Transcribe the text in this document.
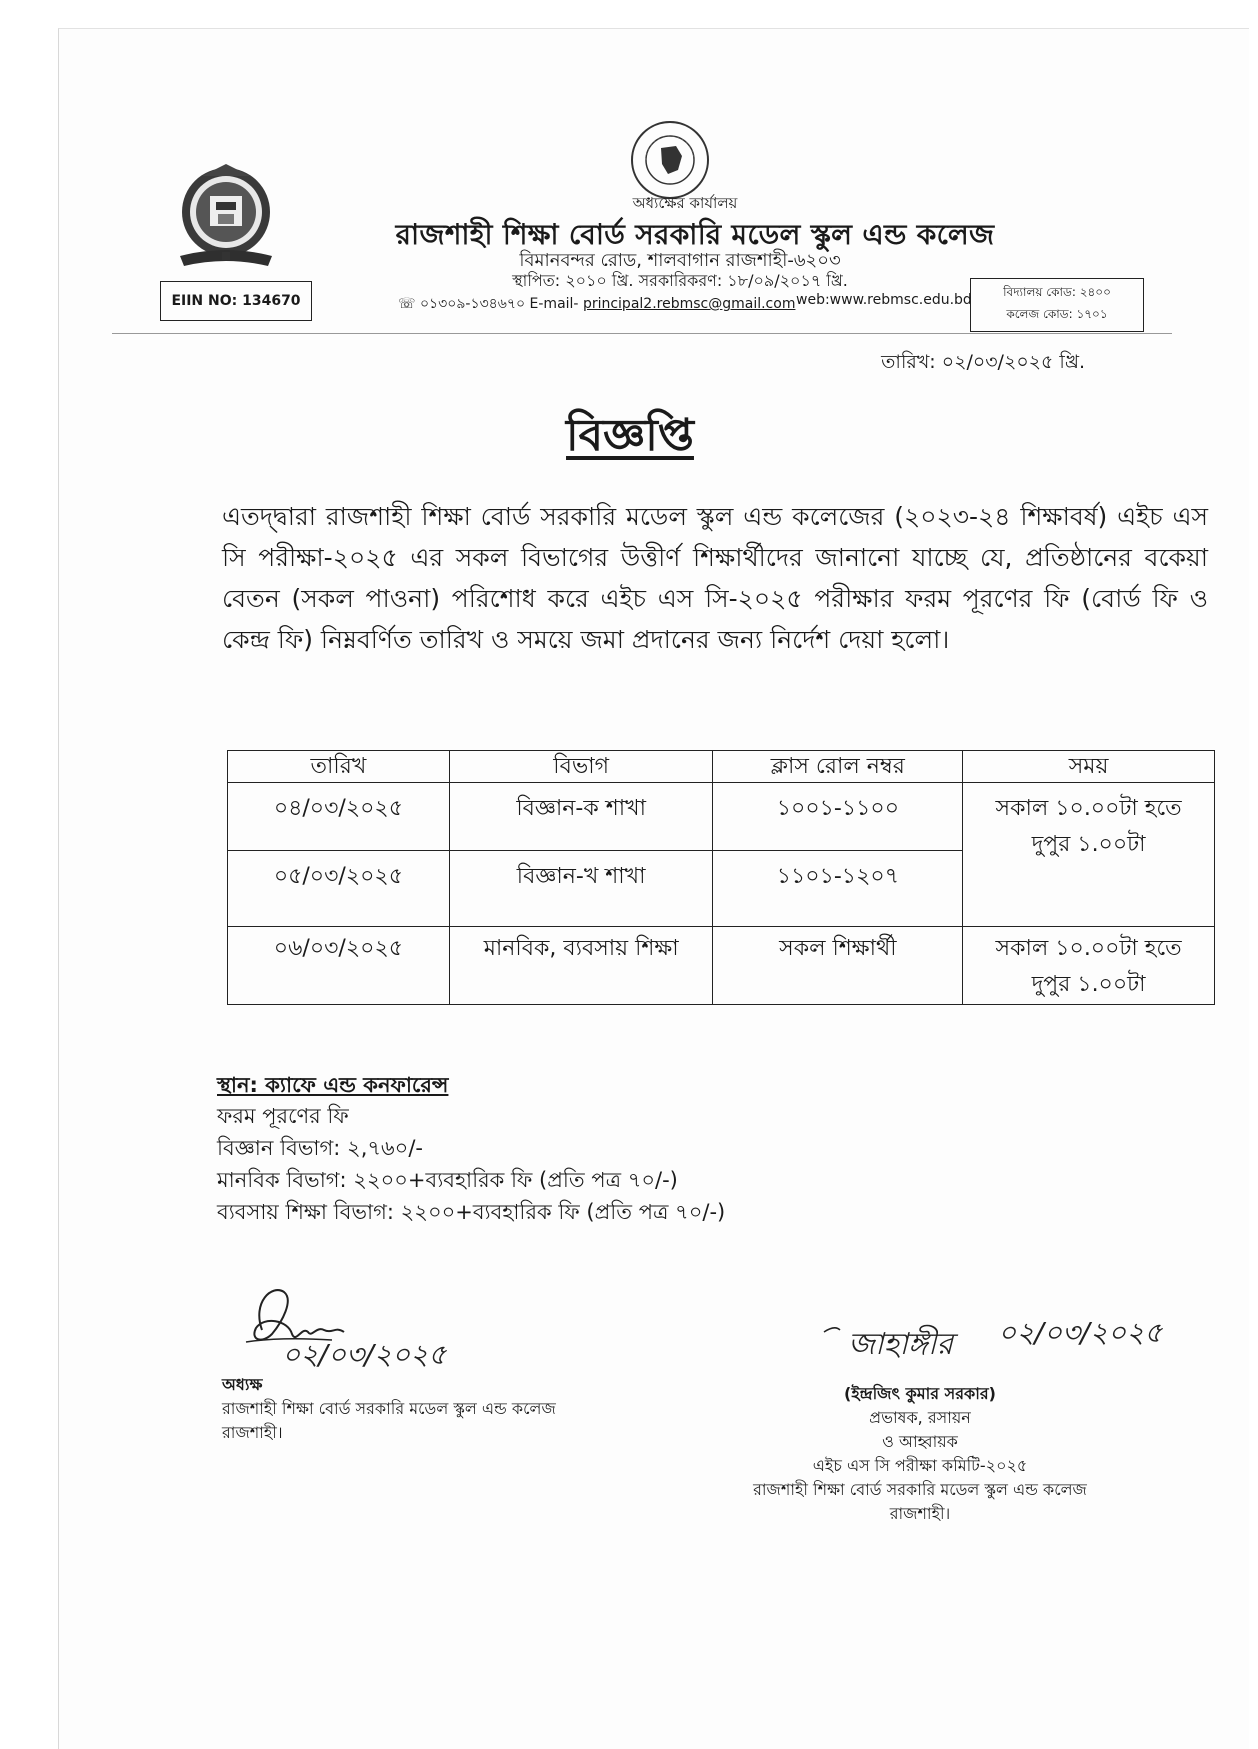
অধ্যক্ষের কার্যালয়
রাজশাহী শিক্ষা বোর্ড সরকারি মডেল স্কুল এন্ড কলেজ
বিমানবন্দর রোড, শালবাগান রাজশাহী-৬২০৩
স্থাপিত: ২০১০ খ্রি. সরকারিকরণ: ১৮/০৯/২০১৭ খ্রি.
☏ ০১৩০৯-১৩৪৬৭০ E-mail- principal2.rebmsc@gmail.com web:www.rebmsc.edu.bd
EIIN NO: 134670
বিদ্যালয় কোড: ২৪০০
কলেজ কোড: ১৭০১
তারিখ: ০২/০৩/২০২৫ খ্রি.
বিজ্ঞপ্তি
এতদ্দ্বারা রাজশাহী শিক্ষা বোর্ড সরকারি মডেল স্কুল এন্ড কলেজের (২০২৩-২৪ শিক্ষাবর্ষ) এইচ এস সি পরীক্ষা-২০২৫ এর সকল বিভাগের উত্তীর্ণ শিক্ষার্থীদের জানানো যাচ্ছে যে, প্রতিষ্ঠানের বকেয়া বেতন (সকল পাওনা) পরিশোধ করে এইচ এস সি-২০২৫ পরীক্ষার ফরম পূরণের ফি (বোর্ড ফি ও কেন্দ্র ফি) নিম্নবর্ণিত তারিখ ও সময়ে জমা প্রদানের জন্য নির্দেশ দেয়া হলো।
তারিখ	বিভাগ	ক্লাস রোল নম্বর	সময়
০৪/০৩/২০২৫	বিজ্ঞান-ক শাখা	১০০১-১১০০	সকাল ১০.০০টা হতে
দুপুর ১.০০টা

০৫/০৩/২০২৫	বিজ্ঞান-খ শাখা	১১০১-১২০৭	
০৬/০৩/২০২৫	মানবিক, ব্যবসায় শিক্ষা	সকল শিক্ষার্থী	সকাল ১০.০০টা হতে
দুপুর ১.০০টা
স্থান: ক্যাফে এন্ড কনফারেন্স
ফরম পূরণের ফি
বিজ্ঞান বিভাগ: ২,৭৬০/-
মানবিক বিভাগ: ২২০০+ব্যবহারিক ফি (প্রতি পত্র ৭০/-)
ব্যবসায় শিক্ষা বিভাগ: ২২০০+ব্যবহারিক ফি (প্রতি পত্র ৭০/-)
০২/০৩/২০২৫	জাহাঙ্গীর ০২/০৩/২০২৫
অধ্যক্ষ
রাজশাহী শিক্ষা বোর্ড সরকারি মডেল স্কুল এন্ড কলেজ
রাজশাহী।
(ইন্দ্রজিৎ কুমার সরকার)
প্রভাষক, রসায়ন
ও আহ্বায়ক
এইচ এস সি পরীক্ষা কমিটি-২০২৫
রাজশাহী শিক্ষা বোর্ড সরকারি মডেল স্কুল এন্ড কলেজ
রাজশাহী।
